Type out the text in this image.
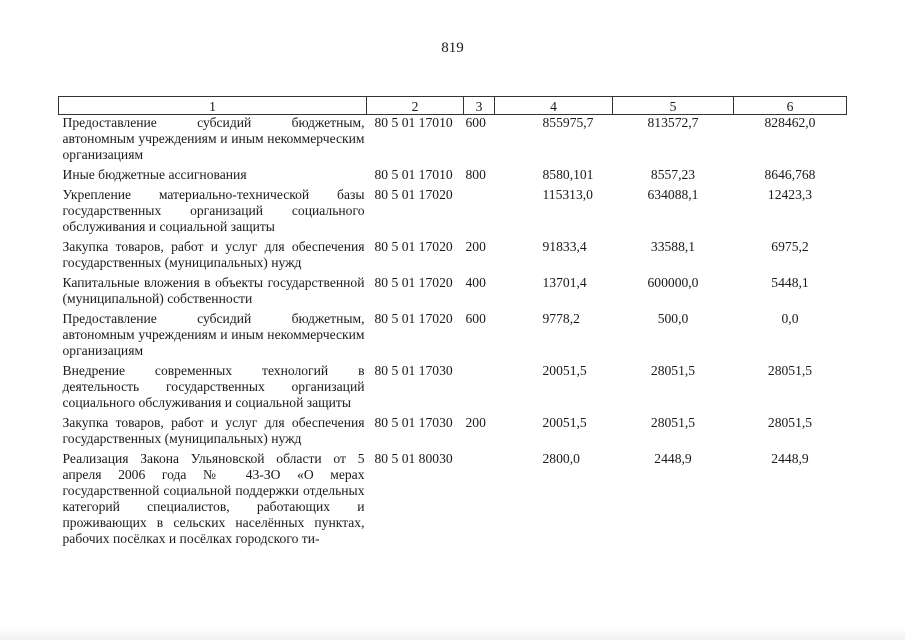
819
1	2	3	4	5	6
Предоставление субсидий бюджетным, автономным учреждениям и иным некоммерческим организациям	80 5 01 17010	600	855975,7	813572,7	828462,0
Иные бюджетные ассигнования	80 5 01 17010	800	8580,101	8557,23	8646,768
Укрепление материально-технической базы государственных организаций социального обслуживания и социальной защиты	80 5 01 17020		115313,0	634088,1	12423,3
Закупка товаров, работ и услуг для обеспечения государственных (муниципальных) нужд	80 5 01 17020	200	91833,4	33588,1	6975,2
Капитальные вложения в объекты государственной (муниципальной) собственности	80 5 01 17020	400	13701,4	600000,0	5448,1
Предоставление субсидий бюджетным, автономным учреждениям и иным некоммерческим организациям	80 5 01 17020	600	9778,2	500,0	0,0
Внедрение современных технологий в деятельность государственных организаций социального обслуживания и социальной защиты	80 5 01 17030		20051,5	28051,5	28051,5
Закупка товаров, работ и услуг для обеспечения государственных (муниципальных) нужд	80 5 01 17030	200	20051,5	28051,5	28051,5
Реализация Закона Ульяновской области от 5 апреля 2006 года № 43-ЗО «О мерах государственной социальной поддержки отдельных категорий специалистов, работающих и проживающих в сельских населённых пунктах, рабочих посёлках и посёлках городского ти-	80 5 01 80030		2800,0	2448,9	2448,9
